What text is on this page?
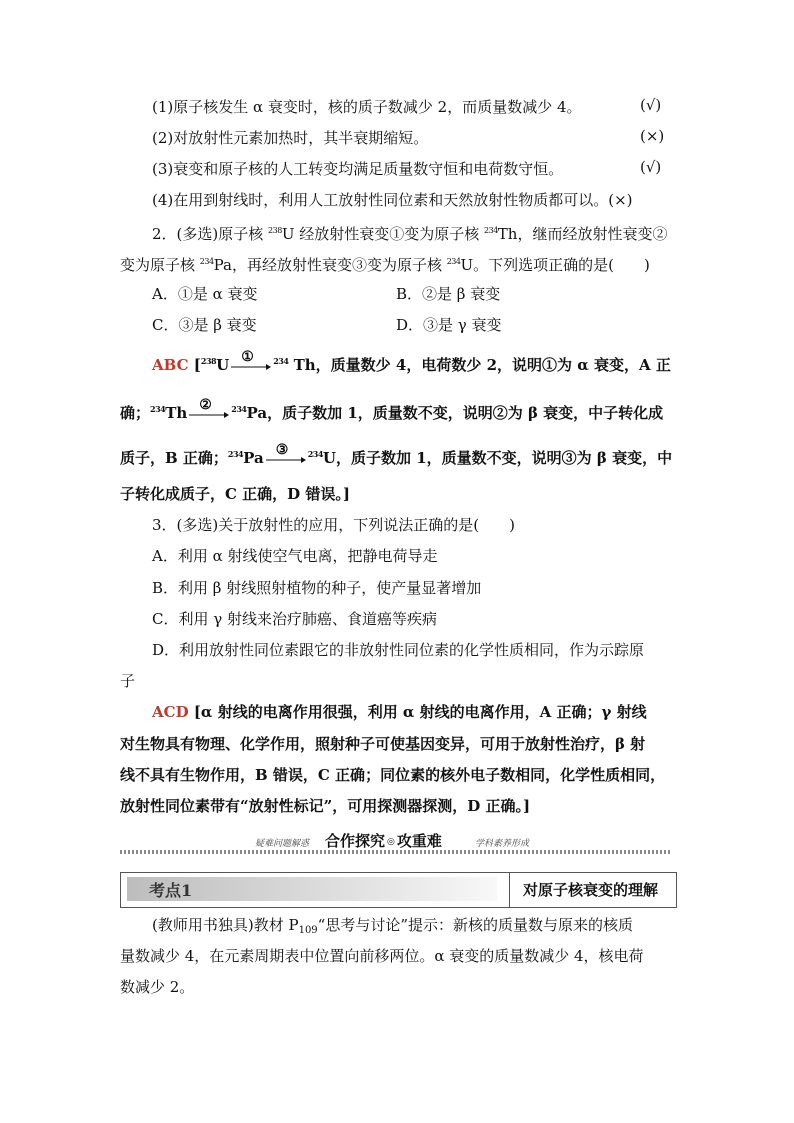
(1)原子核发生 α 衰变时，核的质子数减少 2，而质量数减少 4。	(√)
(2)对放射性元素加热时，其半衰期缩短。	(×)
(3)衰变和原子核的人工转变均满足质量数守恒和电荷数守恒。	(√)
(4)在用到射线时，利用人工放射性同位素和天然放射性物质都可以。(×)
2．(多选)原子核 $^{238}$U 经放射性衰变①变为原子核 $^{234}$Th，继而经放射性衰变②
变为原子核 $^{234}$Pa，再经放射性衰变③变为原子核 $^{234}$U。下列选项正确的是(　　)
A．①是 α 衰变	B．②是 β 衰变
C．③是 β 衰变	D．③是 γ 衰变
ABC [$^{238}$U ① $^{234}$ Th，质量数少 4，电荷数少 2，说明①为 α 衰变，A 正
确；$^{234}$Th ② $^{234}$Pa，质子数加 1，质量数不变，说明②为 β 衰变，中子转化成
质子，B 正确；$^{234}$Pa ③ $^{234}$U，质子数加 1，质量数不变，说明③为 β 衰变，中
子转化成质子，C 正确，D 错误。]
3．(多选)关于放射性的应用，下列说法正确的是(　　)
A．利用 α 射线使空气电离，把静电荷导走
B．利用 β 射线照射植物的种子，使产量显著增加
C．利用 γ 射线来治疗肺癌、食道癌等疾病
D．利用放射性同位素跟它的非放射性同位素的化学性质相同，作为示踪原
子
ACD [α 射线的电离作用很强，利用 α 射线的电离作用，A 正确；γ 射线
对生物具有物理、化学作用，照射种子可使基因变异，可用于放射性治疗，β 射
线不具有生物作用，B 错误，C 正确；同位素的核外电子数相同，化学性质相同，
放射性同位素带有“放射性标记”，可用探测器探测，D 正确。]
疑难问题解惑 合作探究 ◎ 攻重难	学科素养形成
考点1	对原子核衰变的理解
(教师用书独具)教材 $P_{109}“$思考与讨论”提示：新核的质量数与原来的核质
量数减少 4，在元素周期表中位置向前移两位。α 衰变的质量数减少 4，核电荷
数减少 2。
